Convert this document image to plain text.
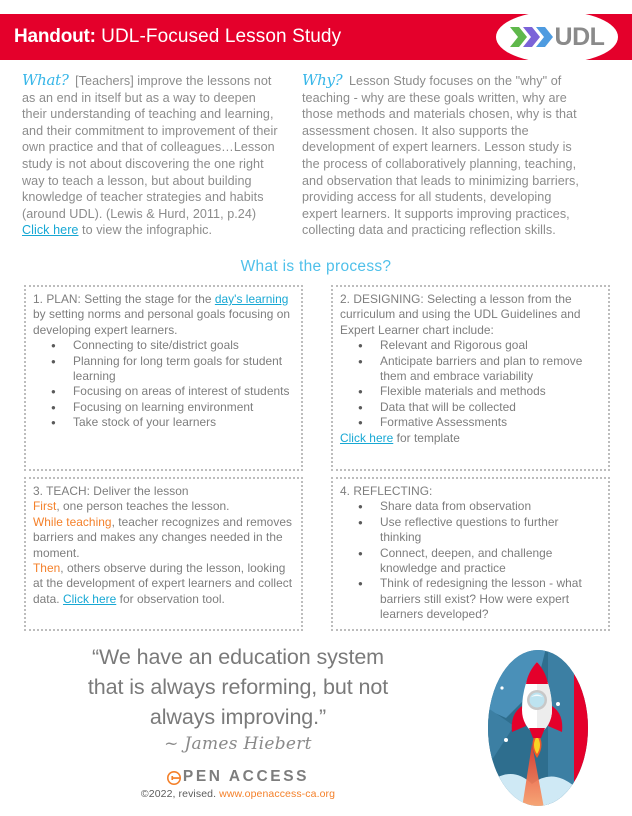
Handout: UDL-Focused Lesson Study	UDL

What? [Teachers] improve the lessons not as an end in itself but as a way to deepen their understanding of teaching and learning, and their commitment to improvement of their own practice and that of colleagues…Lesson study is not about discovering the one right way to teach a lesson, but about building knowledge of teacher strategies and habits (around UDL). (Lewis & Hurd, 2011, p.24) Click here to view the infographic.

Why? Lesson Study focuses on the "why" of teaching - why are these goals written, why are those methods and materials chosen, why is that assessment chosen. It also supports the development of expert learners. Lesson study is the process of collaboratively planning, teaching, and observation that leads to minimizing barriers, providing access for all students, developing expert learners. It supports improving practices, collecting data and practicing reflection skills.

What is the process?

1. PLAN: Setting the stage for the day's learning by setting norms and personal goals focusing on developing expert learners.

● Connecting to site/district goals
● Planning for long term goals for student learning
● Focusing on areas of interest of students
● Focusing on learning environment
● Take stock of your learners

2. DESIGNING: Selecting a lesson from the curriculum and using the UDL Guidelines and Expert Learner chart include:

● Relevant and Rigorous goal
● Anticipate barriers and plan to remove them and embrace variability
● Flexible materials and methods
● Data that will be collected
● Formative Assessments

Click here for template

3. TEACH: Deliver the lesson

First, one person teaches the lesson.

While teaching, teacher recognizes and removes barriers and makes any changes needed in the moment.

Then, others observe during the lesson, looking at the development of expert learners and collect data. Click here for observation tool.

4. REFLECTING:

● Share data from observation
● Use reflective questions to further thinking
● Connect, deepen, and challenge knowledge and practice
● Think of redesigning the lesson - what barriers still exist? How were expert learners developed?
“We have an education system
that is always reforming, but not
always improving.”
~ James Hiebert
PEN ACCESS
©2022, revised. www.openaccess-ca.org
